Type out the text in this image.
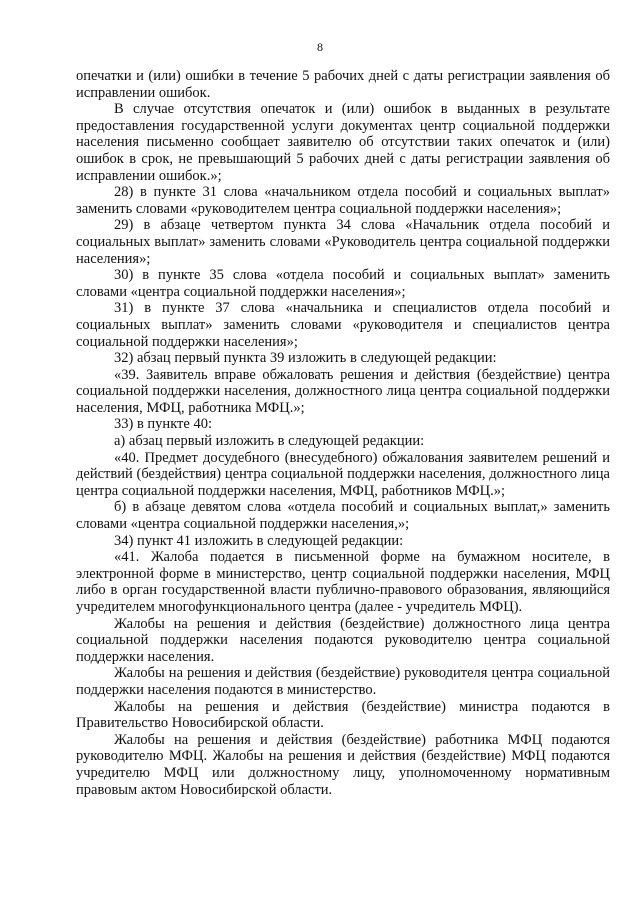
8

опечатки и (или) ошибки в течение 5 рабочих дней с даты регистрации заявления об исправлении ошибок.

В случае отсутствия опечаток и (или) ошибок в выданных в результате предоставления государственной услуги документах центр социальной поддержки населения письменно сообщает заявителю об отсутствии таких опечаток и (или) ошибок в срок, не превышающий 5 рабочих дней с даты регистрации заявления об исправлении ошибок.»;

28) в пункте 31 слова «начальником отдела пособий и социальных выплат» заменить словами «руководителем центра социальной поддержки населения»;

29) в абзаце четвертом пункта 34 слова «Начальник отдела пособий и социальных выплат» заменить словами «Руководитель центра социальной поддержки населения»;

30) в пункте 35 слова «отдела пособий и социальных выплат» заменить словами «центра социальной поддержки населения»;

31) в пункте 37 слова «начальника и специалистов отдела пособий и социальных выплат» заменить словами «руководителя и специалистов центра социальной поддержки населения»;

32) абзац первый пункта 39 изложить в следующей редакции:

«39. Заявитель вправе обжаловать решения и действия (бездействие) центра социальной поддержки населения, должностного лица центра социальной поддержки населения, МФЦ, работника МФЦ.»;

33) в пункте 40:

а) абзац первый изложить в следующей редакции:

«40. Предмет досудебного (внесудебного) обжалования заявителем решений и действий (бездействия) центра социальной поддержки населения, должностного лица центра социальной поддержки населения, МФЦ, работников МФЦ.»;

б) в абзаце девятом слова «отдела пособий и социальных выплат,» заменить словами «центра социальной поддержки населения,»;

34) пункт 41 изложить в следующей редакции:

«41. Жалоба подается в письменной форме на бумажном носителе, в электронной форме в министерство, центр социальной поддержки населения, МФЦ либо в орган государственной власти публично-правового образования, являющийся учредителем многофункционального центра (далее - учредитель МФЦ).

Жалобы на решения и действия (бездействие) должностного лица центра социальной поддержки населения подаются руководителю центра социальной поддержки населения.

Жалобы на решения и действия (бездействие) руководителя центра социальной поддержки населения подаются в министерство.

Жалобы на решения и действия (бездействие) министра подаются в Правительство Новосибирской области.

Жалобы на решения и действия (бездействие) работника МФЦ подаются руководителю МФЦ. Жалобы на решения и действия (бездействие) МФЦ подаются учредителю МФЦ или должностному лицу, уполномоченному нормативным правовым актом Новосибирской области.
